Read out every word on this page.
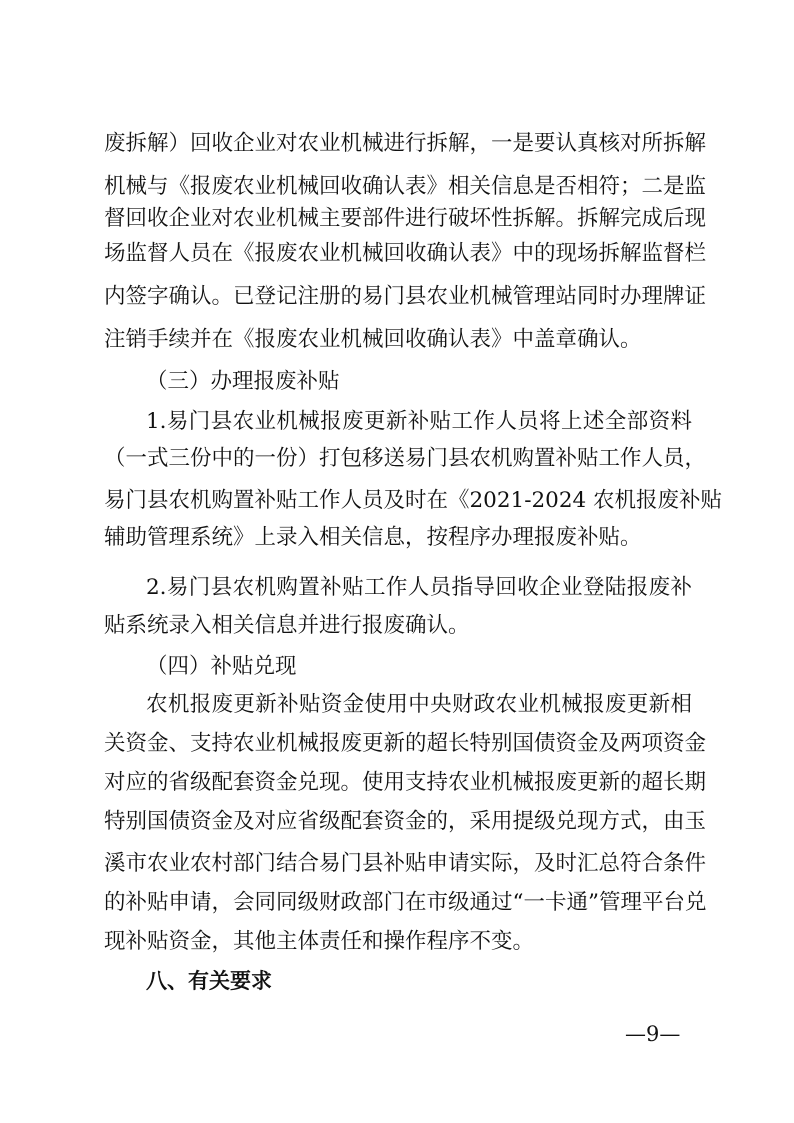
废拆解）回收企业对农业机械进行拆解，一是要认真核对所拆解
机械与《报废农业机械回收确认表》相关信息是否相符；二是监
督回收企业对农业机械主要部件进行破坏性拆解。拆解完成后现
场监督人员在《报废农业机械回收确认表》中的现场拆解监督栏
内签字确认。已登记注册的易门县农业机械管理站同时办理牌证
注销手续并在《报废农业机械回收确认表》中盖章确认。
（三）办理报废补贴
1.易门县农业机械报废更新补贴工作人员将上述全部资料
（一式三份中的一份）打包移送易门县农机购置补贴工作人员，
易门县农机购置补贴工作人员及时在《2021-2024 农机报废补贴
辅助管理系统》上录入相关信息，按程序办理报废补贴。
2.易门县农机购置补贴工作人员指导回收企业登陆报废补
贴系统录入相关信息并进行报废确认。
（四）补贴兑现
农机报废更新补贴资金使用中央财政农业机械报废更新相
关资金、支持农业机械报废更新的超长特别国债资金及两项资金
对应的省级配套资金兑现。使用支持农业机械报废更新的超长期
特别国债资金及对应省级配套资金的，采用提级兑现方式，由玉
溪市农业农村部门结合易门县补贴申请实际，及时汇总符合条件
的补贴申请，会同同级财政部门在市级通过“一卡通”管理平台兑
现补贴资金，其他主体责任和操作程序不变。
八、有关要求
—9—
